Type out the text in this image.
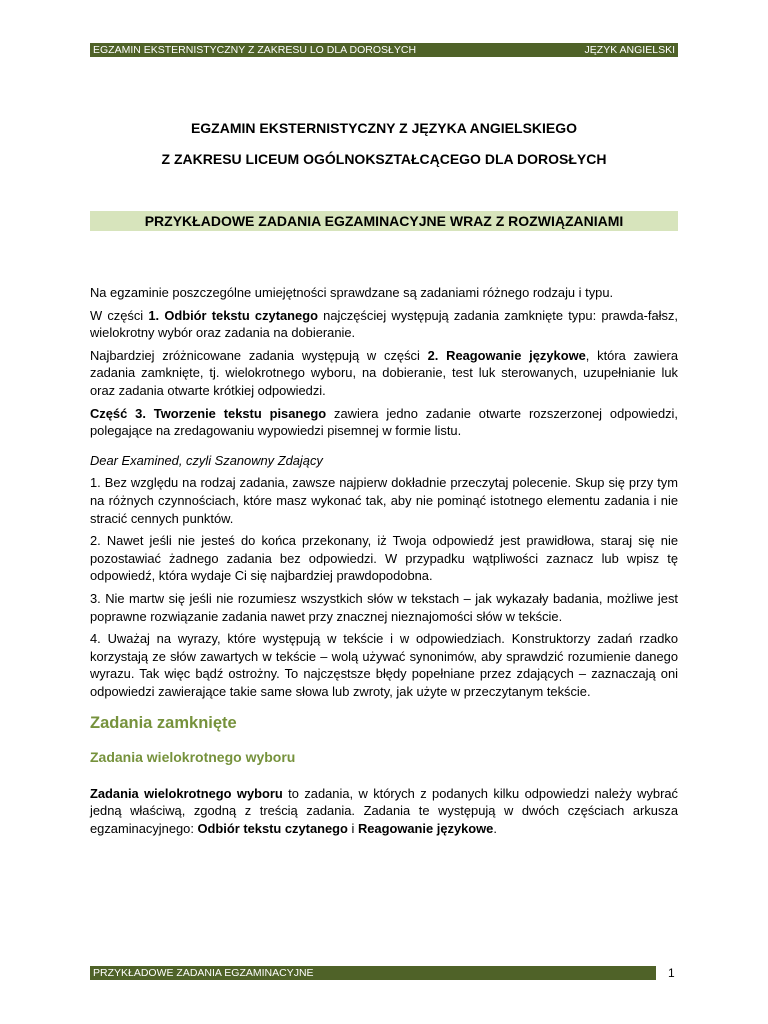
EGZAMIN EKSTERNISTYCZNY Z ZAKRESU LO DLA DOROSŁYCH	JĘZYK ANGIELSKI
EGZAMIN EKSTERNISTYCZNY Z JĘZYKA ANGIELSKIEGO
Z ZAKRESU LICEUM OGÓLNOKSZTAŁCĄCEGO DLA DOROSŁYCH
PRZYKŁADOWE ZADANIA EGZAMINACYJNE WRAZ Z ROZWIĄZANIAMI

Na egzaminie poszczególne umiejętności sprawdzane są zadaniami różnego rodzaju i typu.

W części 1. Odbiór tekstu czytanego najczęściej występują zadania zamknięte typu: prawda-fałsz, wielokrotny wybór oraz zadania na dobieranie.

Najbardziej zróżnicowane zadania występują w części 2. Reagowanie językowe, która zawiera zadania zamknięte, tj. wielokrotnego wyboru, na dobieranie, test luk sterowanych, uzupełnianie luk oraz zadania otwarte krótkiej odpowiedzi.

Część 3. Tworzenie tekstu pisanego zawiera jedno zadanie otwarte rozszerzonej odpowiedzi, polegające na zredagowaniu wypowiedzi pisemnej w formie listu.

Dear Examined, czyli Szanowny Zdający

1. Bez względu na rodzaj zadania, zawsze najpierw dokładnie przeczytaj polecenie. Skup się przy tym na różnych czynnościach, które masz wykonać tak, aby nie pominąć istotnego elementu zadania i nie stracić cennych punktów.

2. Nawet jeśli nie jesteś do końca przekonany, iż Twoja odpowiedź jest prawidłowa, staraj się nie pozostawiać żadnego zadania bez odpowiedzi. W przypadku wątpliwości zaznacz lub wpisz tę odpowiedź, która wydaje Ci się najbardziej prawdopodobna.

3. Nie martw się jeśli nie rozumiesz wszystkich słów w tekstach – jak wykazały badania, możliwe jest poprawne rozwiązanie zadania nawet przy znacznej nieznajomości słów w tekście.

4. Uważaj na wyrazy, które występują w tekście i w odpowiedziach. Konstruktorzy zadań rzadko korzystają ze słów zawartych w tekście – wolą używać synonimów, aby sprawdzić rozumienie danego wyrazu. Tak więc bądź ostrożny. To najczęstsze błędy popełniane przez zdających – zaznaczają oni odpowiedzi zawierające takie same słowa lub zwroty, jak użyte w przeczytanym tekście.

Zadania zamknięte
Zadania wielokrotnego wyboru

Zadania wielokrotnego wyboru to zadania, w których z podanych kilku odpowiedzi należy wybrać jedną właściwą, zgodną z treścią zadania. Zadania te występują w dwóch częściach arkusza egzaminacyjnego: Odbiór tekstu czytanego i Reagowanie językowe.

PRZYKŁADOWE ZADANIA EGZAMINACYJNE	1
